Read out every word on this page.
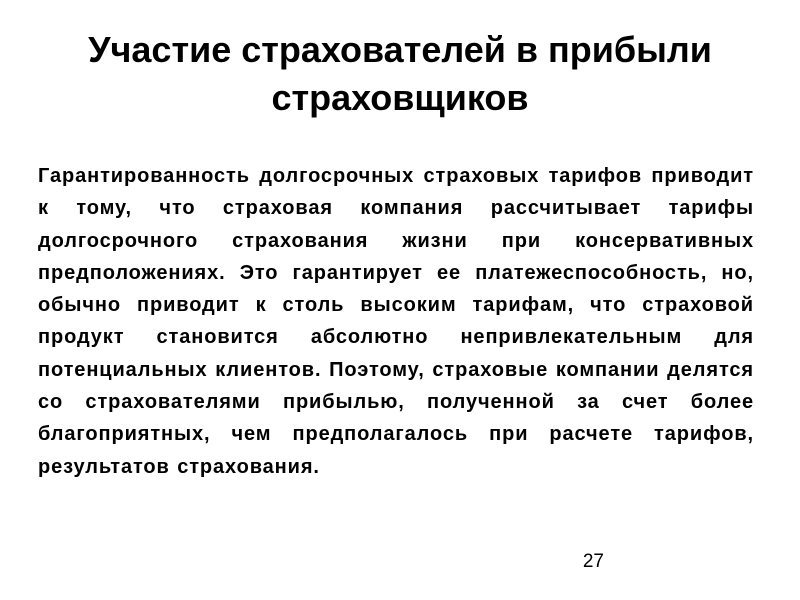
Участие страхователей в прибыли страховщиков

Гарантированность долгосрочных страховых тарифов приводит к тому, что страховая компания рассчитывает тарифы долгосрочного страхования жизни при консервативных предположениях. Это гарантирует ее платежеспособность, но, обычно приводит к столь высоким тарифам, что страховой продукт становится абсолютно непривлекательным для потенциальных клиентов. Поэтому, страховые компании делятся со страхователями прибылью, полученной за счет более благоприятных, чем предполагалось при расчете тарифов, результатов страхования.

27
